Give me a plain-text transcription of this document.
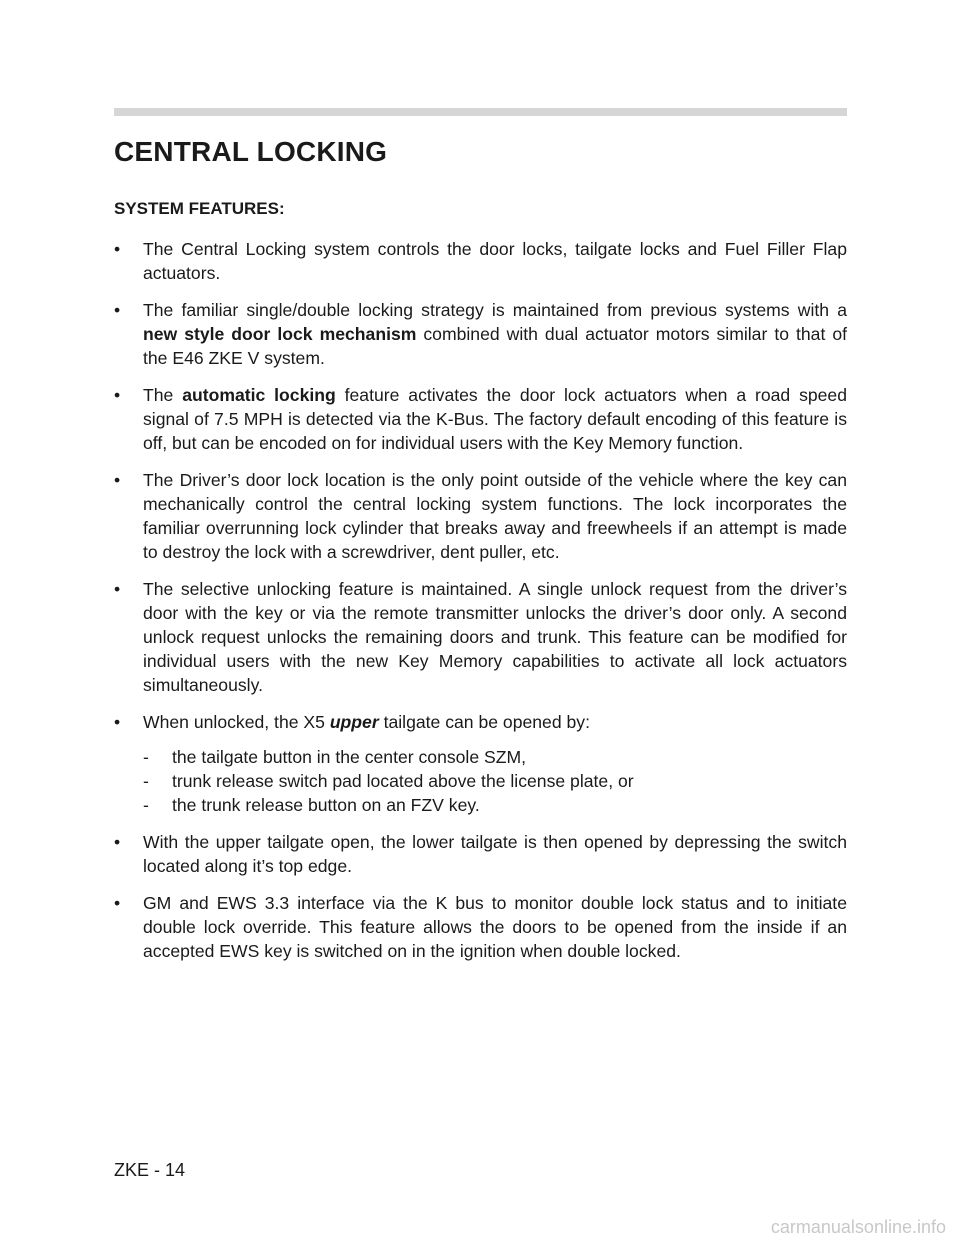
CENTRAL LOCKING
SYSTEM FEATURES:

•	The Central Locking system controls the door locks, tailgate locks and Fuel Filler Flap actuators.

•	The familiar single/double locking strategy is maintained from previous systems with a new style door lock mechanism combined with dual actuator motors similar to that of the E46 ZKE V system.

•	The automatic locking feature activates the door lock actuators when a road speed signal of 7.5 MPH is detected via the K-Bus. The factory default encoding of this feature is off, but can be encoded on for individual users with the Key Memory function.

•	The Driver’s door lock location is the only point outside of the vehicle where the key can mechanically control the central locking system functions. The lock incorporates the familiar overrunning lock cylinder that breaks away and freewheels if an attempt is made to destroy the lock with a screwdriver, dent puller, etc.

•	The selective unlocking feature is maintained. A single unlock request from the driver’s door with the key or via the remote transmitter unlocks the driver’s door only. A second unlock request unlocks the remaining doors and trunk. This feature can be modified for individual users with the new Key Memory capabilities to activate all lock actuators simultaneously.

•	When unlocked, the X5 upper tailgate can be opened by:

- the tailgate button in the center console SZM,
- trunk release switch pad located above the license plate, or
- the trunk release button on an FZV key.

•	With the upper tailgate open, the lower tailgate is then opened by depressing the switch located along it’s top edge.

•	GM and EWS 3.3 interface via the K bus to monitor double lock status and to initiate double lock override. This feature allows the doors to be opened from the inside if an accepted EWS key is switched on in the ignition when double locked.

ZKE - 14

carmanualsonline.info
